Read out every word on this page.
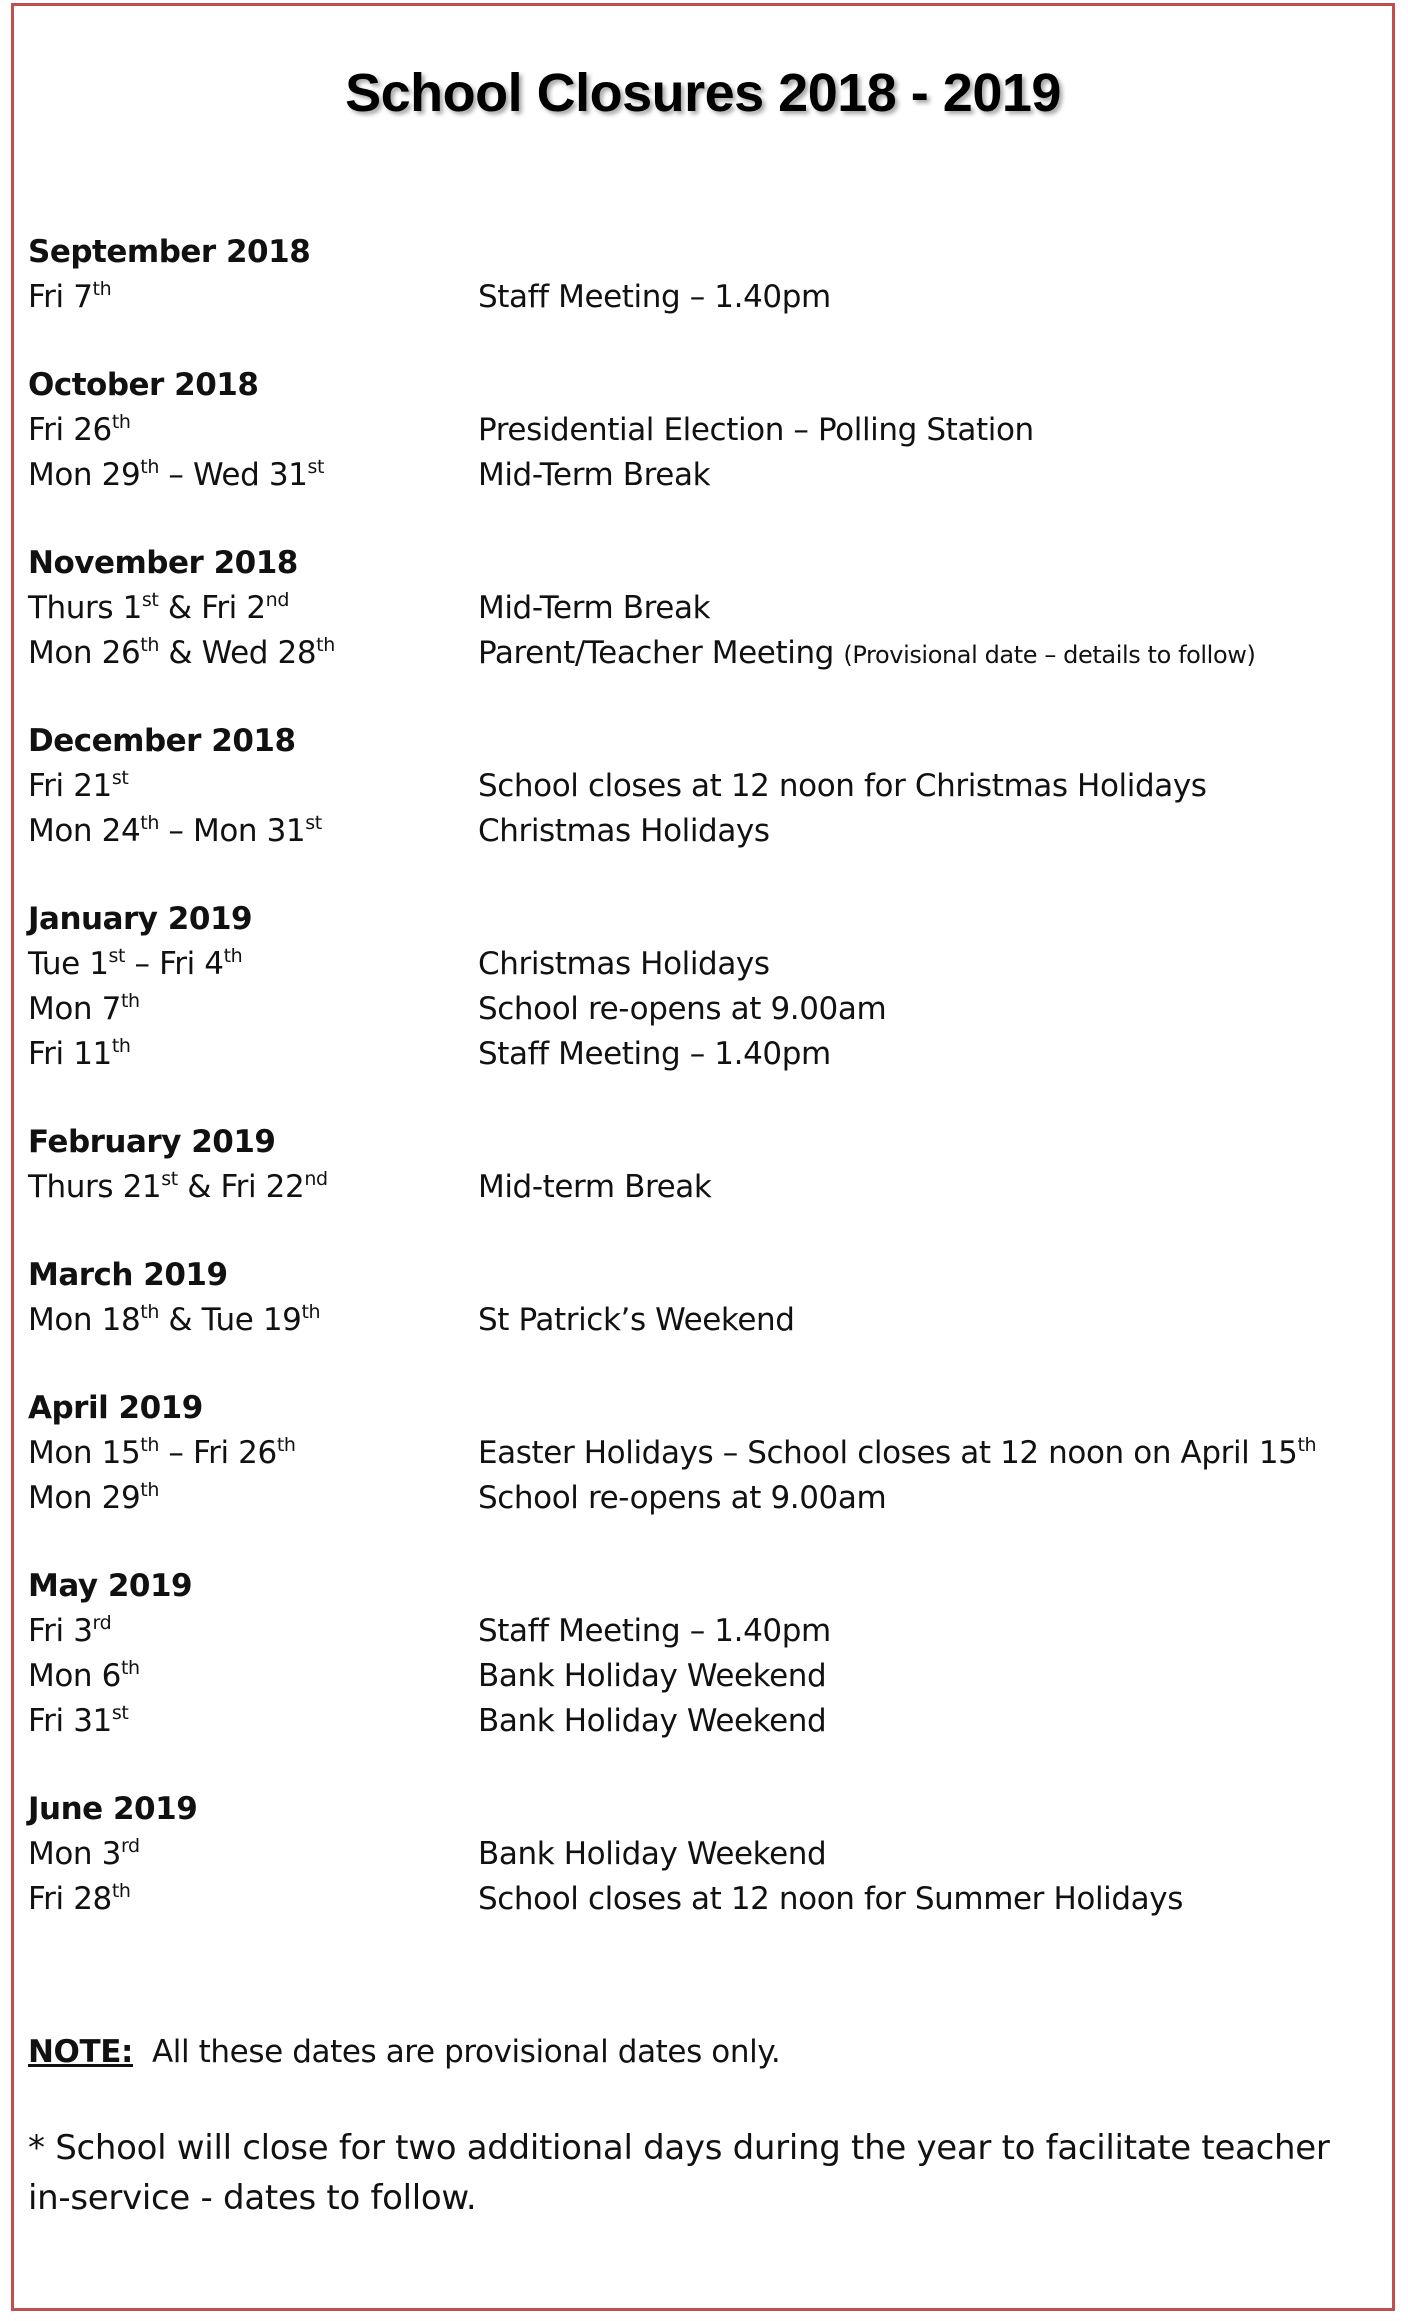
School Closures 2018 - 2019
September 2018
Fri 7th	Staff Meeting – 1.40pm
October 2018
Fri 26th	Presidential Election – Polling Station
Mon 29th – Wed 31st	Mid-Term Break
November 2018
Thurs 1st & Fri 2nd	Mid-Term Break
Mon 26th & Wed 28th	Parent/Teacher Meeting (Provisional date – details to follow)
December 2018
Fri 21st	School closes at 12 noon for Christmas Holidays
Mon 24th – Mon 31st	Christmas Holidays
January 2019
Tue 1st – Fri 4th	Christmas Holidays
Mon 7th	School re-opens at 9.00am
Fri 11th	Staff Meeting – 1.40pm
February 2019
Thurs 21st & Fri 22nd	Mid-term Break
March 2019
Mon 18th & Tue 19th	St Patrick’s Weekend
April 2019
Mon 15th – Fri 26th	Easter Holidays – School closes at 12 noon on April 15th
Mon 29th	School re-opens at 9.00am
May 2019
Fri 3rd	Staff Meeting – 1.40pm
Mon 6th	Bank Holiday Weekend
Fri 31st	Bank Holiday Weekend
June 2019
Mon 3rd	Bank Holiday Weekend
Fri 28th	School closes at 12 noon for Summer Holidays
NOTE: All these dates are provisional dates only.
* School will close for two additional days during the year to facilitate teacher in-service - dates to follow.
